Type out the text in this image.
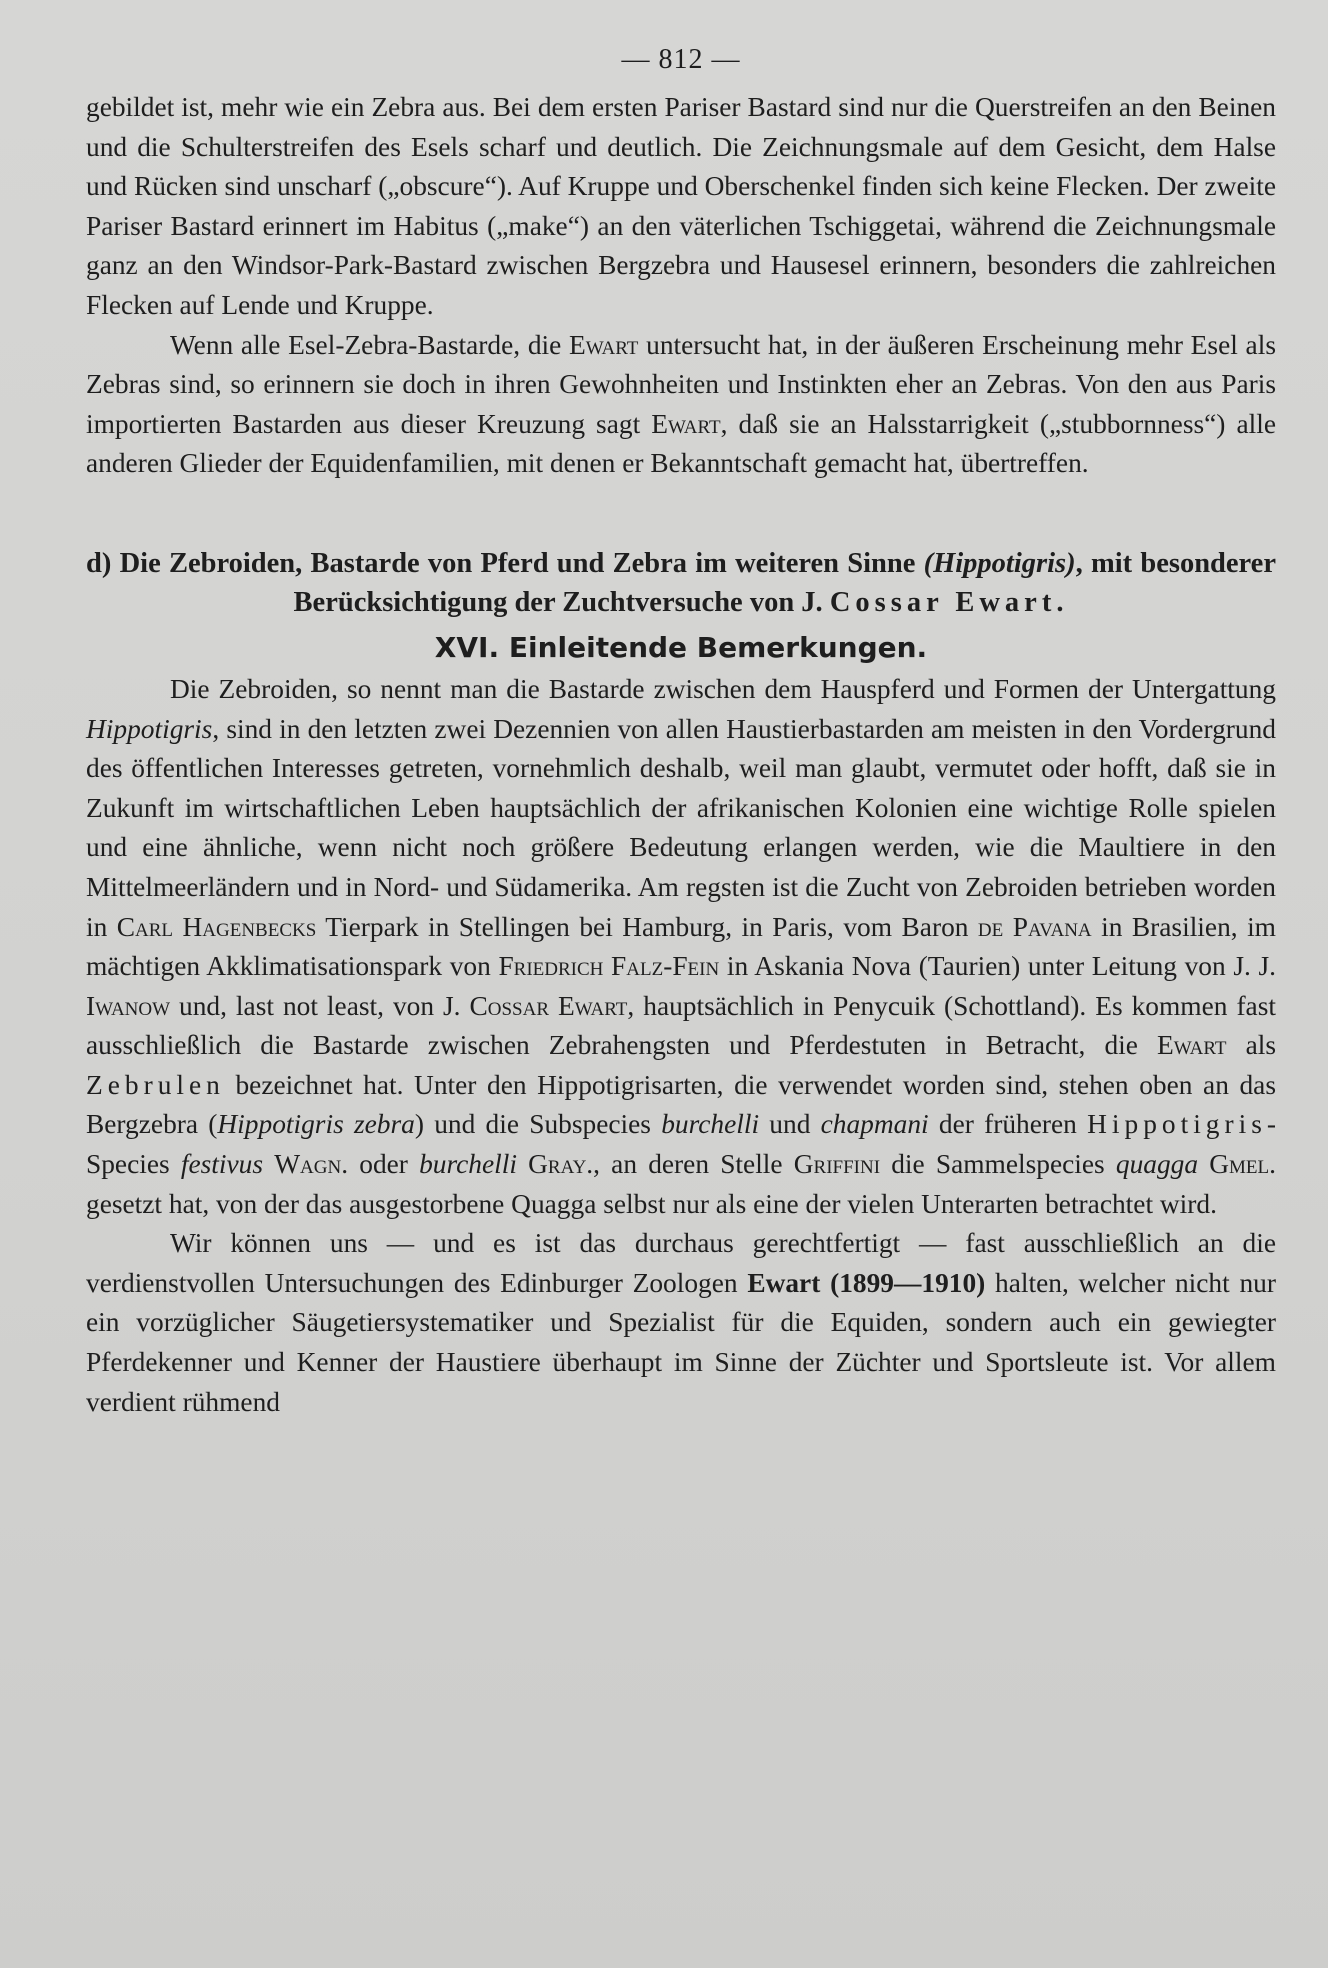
— 812 —

gebildet ist, mehr wie ein Zebra aus. Bei dem ersten Pariser Bastard sind nur die Querstreifen an den Beinen und die Schulterstreifen des Esels scharf und deutlich. Die Zeichnungsmale auf dem Gesicht, dem Halse und Rücken sind unscharf („obscure“). Auf Kruppe und Oberschenkel finden sich keine Flecken. Der zweite Pariser Bastard erinnert im Habitus („make“) an den väterlichen Tschiggetai, während die Zeichnungsmale ganz an den Windsor-Park-Bastard zwischen Bergzebra und Hausesel erinnern, besonders die zahlreichen Flecken auf Lende und Kruppe.

Wenn alle Esel-Zebra-Bastarde, die Ewart untersucht hat, in der äußeren Erscheinung mehr Esel als Zebras sind, so erinnern sie doch in ihren Gewohnheiten und Instinkten eher an Zebras. Von den aus Paris importierten Bastarden aus dieser Kreuzung sagt Ewart, daß sie an Halsstarrigkeit („stubbornness“) alle anderen Glieder der Equidenfamilien, mit denen er Bekanntschaft gemacht hat, übertreffen.

d) Die Zebroiden, Bastarde von Pferd und Zebra im weiteren Sinne (Hippotigris), mit besonderer Berücksichtigung der Zuchtversuche von J. Cossar Ewart.

XVI. Einleitende Bemerkungen.

Die Zebroiden, so nennt man die Bastarde zwischen dem Hauspferd und Formen der Untergattung Hippotigris, sind in den letzten zwei Dezennien von allen Haustierbastarden am meisten in den Vordergrund des öffentlichen Interesses getreten, vornehmlich deshalb, weil man glaubt, vermutet oder hofft, daß sie in Zukunft im wirtschaftlichen Leben hauptsächlich der afrikanischen Kolonien eine wichtige Rolle spielen und eine ähnliche, wenn nicht noch größere Bedeutung erlangen werden, wie die Maultiere in den Mittelmeerländern und in Nord- und Südamerika. Am regsten ist die Zucht von Zebroiden betrieben worden in Carl Hagenbecks Tierpark in Stellingen bei Hamburg, in Paris, vom Baron de Pavana in Brasilien, im mächtigen Akklimatisationspark von Friedrich Falz-Fein in Askania Nova (Taurien) unter Leitung von J. J. Iwanow und, last not least, von J. Cossar Ewart, hauptsächlich in Penycuik (Schottland). Es kommen fast ausschließlich die Bastarde zwischen Zebrahengsten und Pferdestuten in Betracht, die Ewart als Zebrulen bezeichnet hat. Unter den Hippotigrisarten, die verwendet worden sind, stehen oben an das Bergzebra (Hippotigris zebra) und die Subspecies burchelli und chapmani der früheren Hippotigris- Species festivus Wagn. oder burchelli Gray., an deren Stelle Griffini die Sammelspecies quagga Gmel. gesetzt hat, von der das ausgestorbene Quagga selbst nur als eine der vielen Unterarten betrachtet wird.

Wir können uns — und es ist das durchaus gerechtfertigt — fast ausschließlich an die verdienstvollen Untersuchungen des Edinburger Zoologen Ewart (1899—1910) halten, welcher nicht nur ein vorzüglicher Säugetiersystematiker und Spezialist für die Equiden, sondern auch ein gewiegter Pferdekenner und Kenner der Haustiere überhaupt im Sinne der Züchter und Sportsleute ist. Vor allem verdient rühmend
